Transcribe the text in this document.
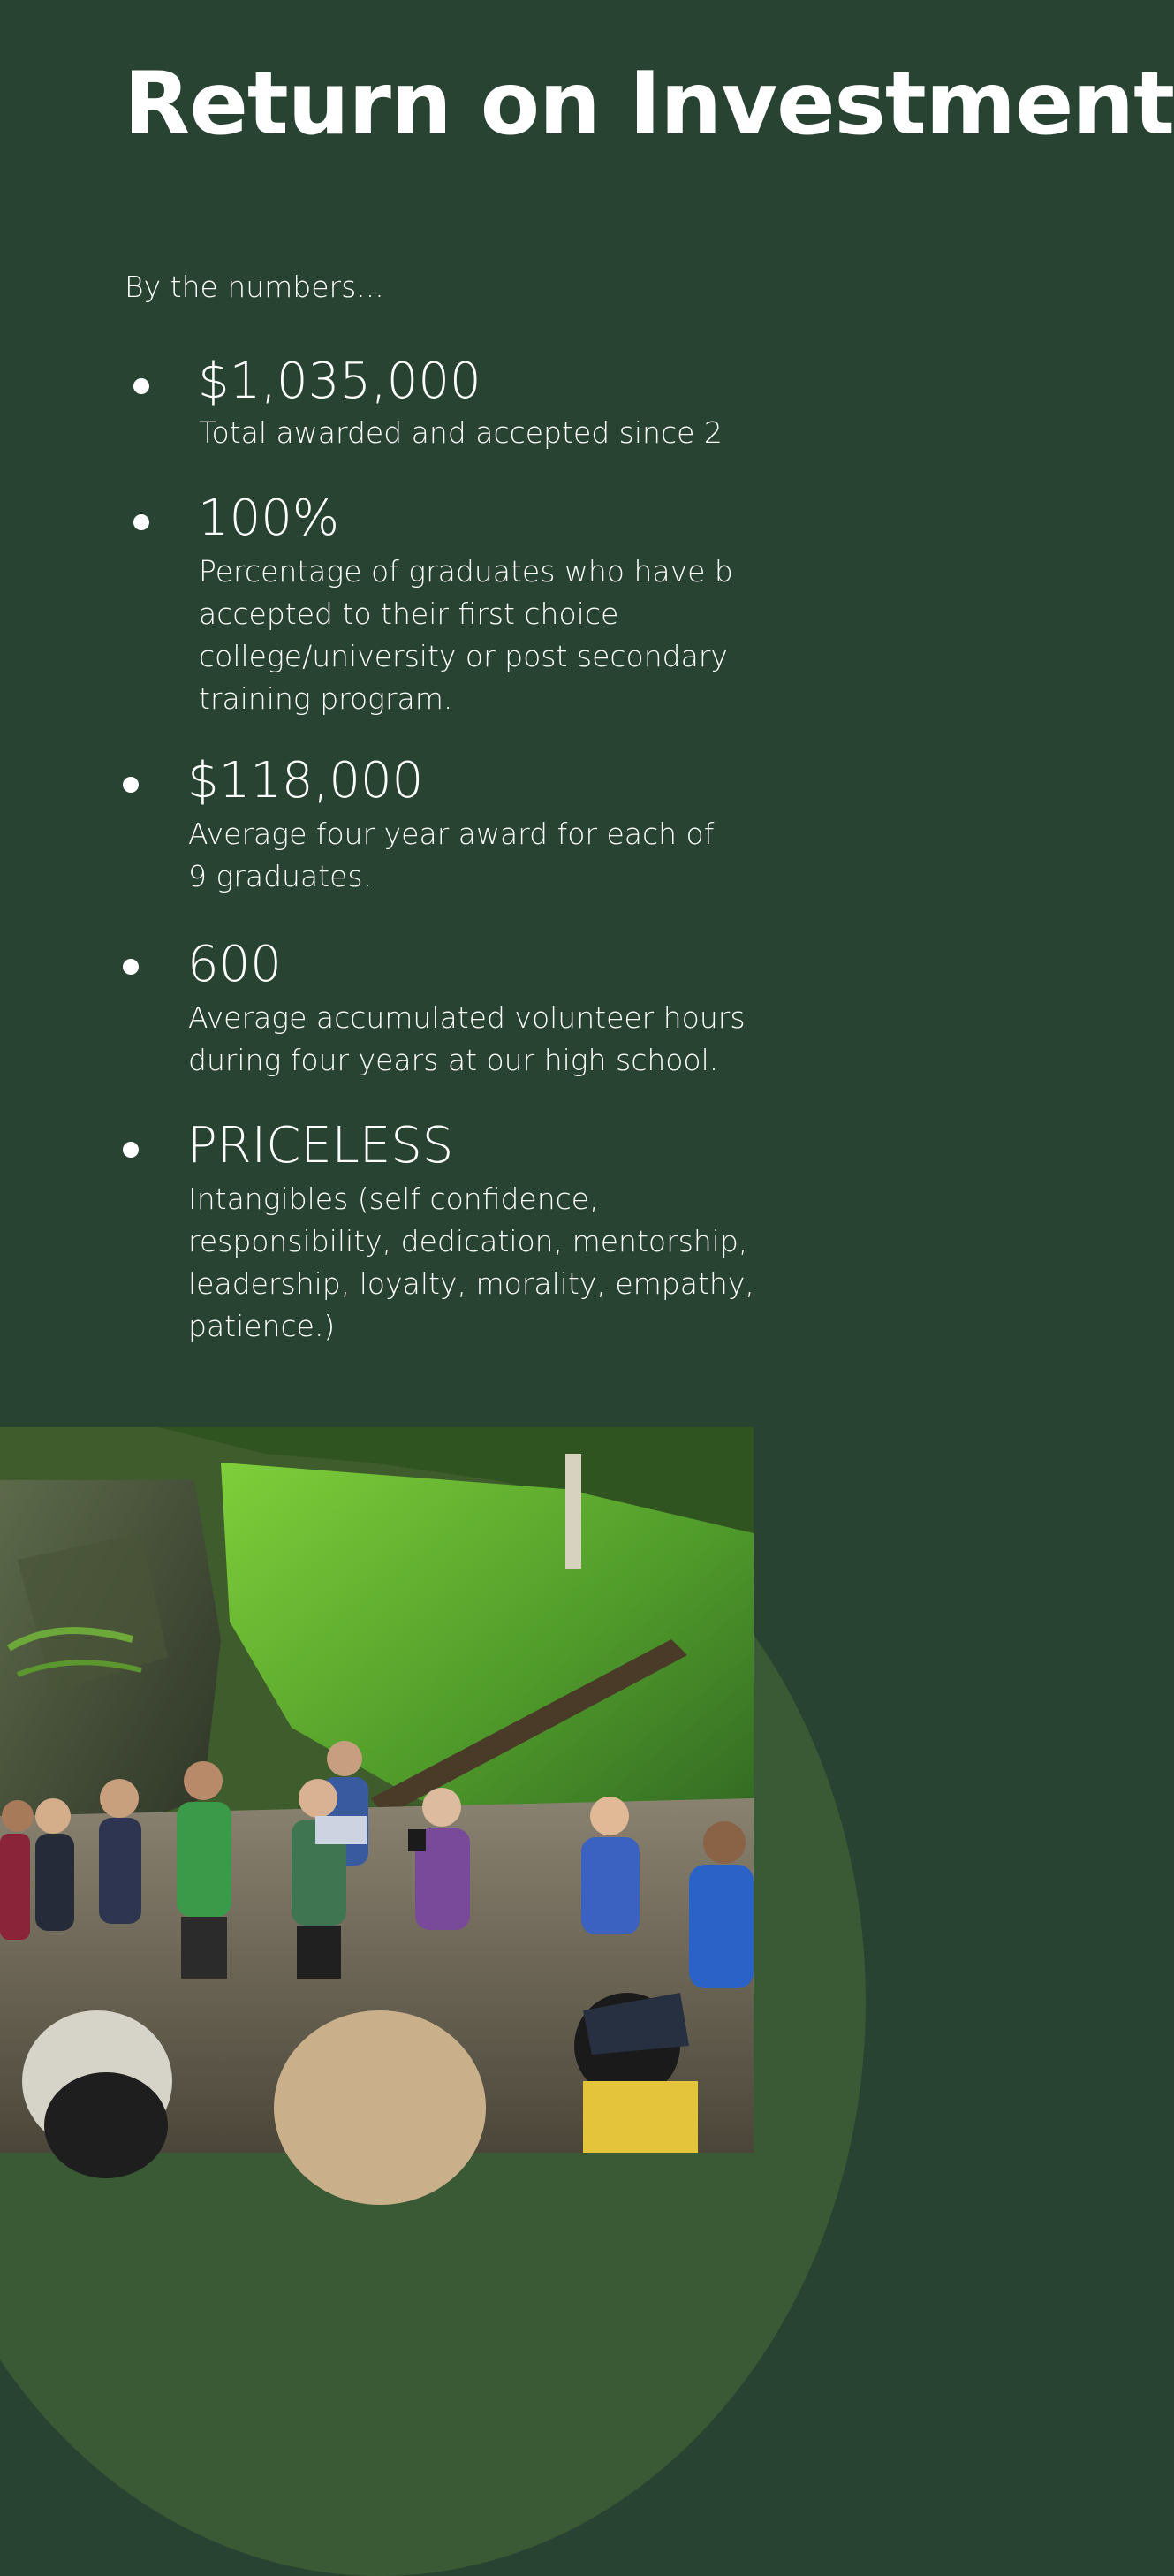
Return on Investment

By the numbers...

$1,035,000

Total awarded and accepted since 2

100%

Percentage of graduates who have b
accepted to their first choice
college/university or post secondary
training program.

$118,000

Average four year award for each of
9 graduates.

600

Average accumulated volunteer hours
during four years at our high school.

PRICELESS

Intangibles (self confidence,
responsibility, dedication, mentorship,
leadership, loyalty, morality, empathy,
patience.)
